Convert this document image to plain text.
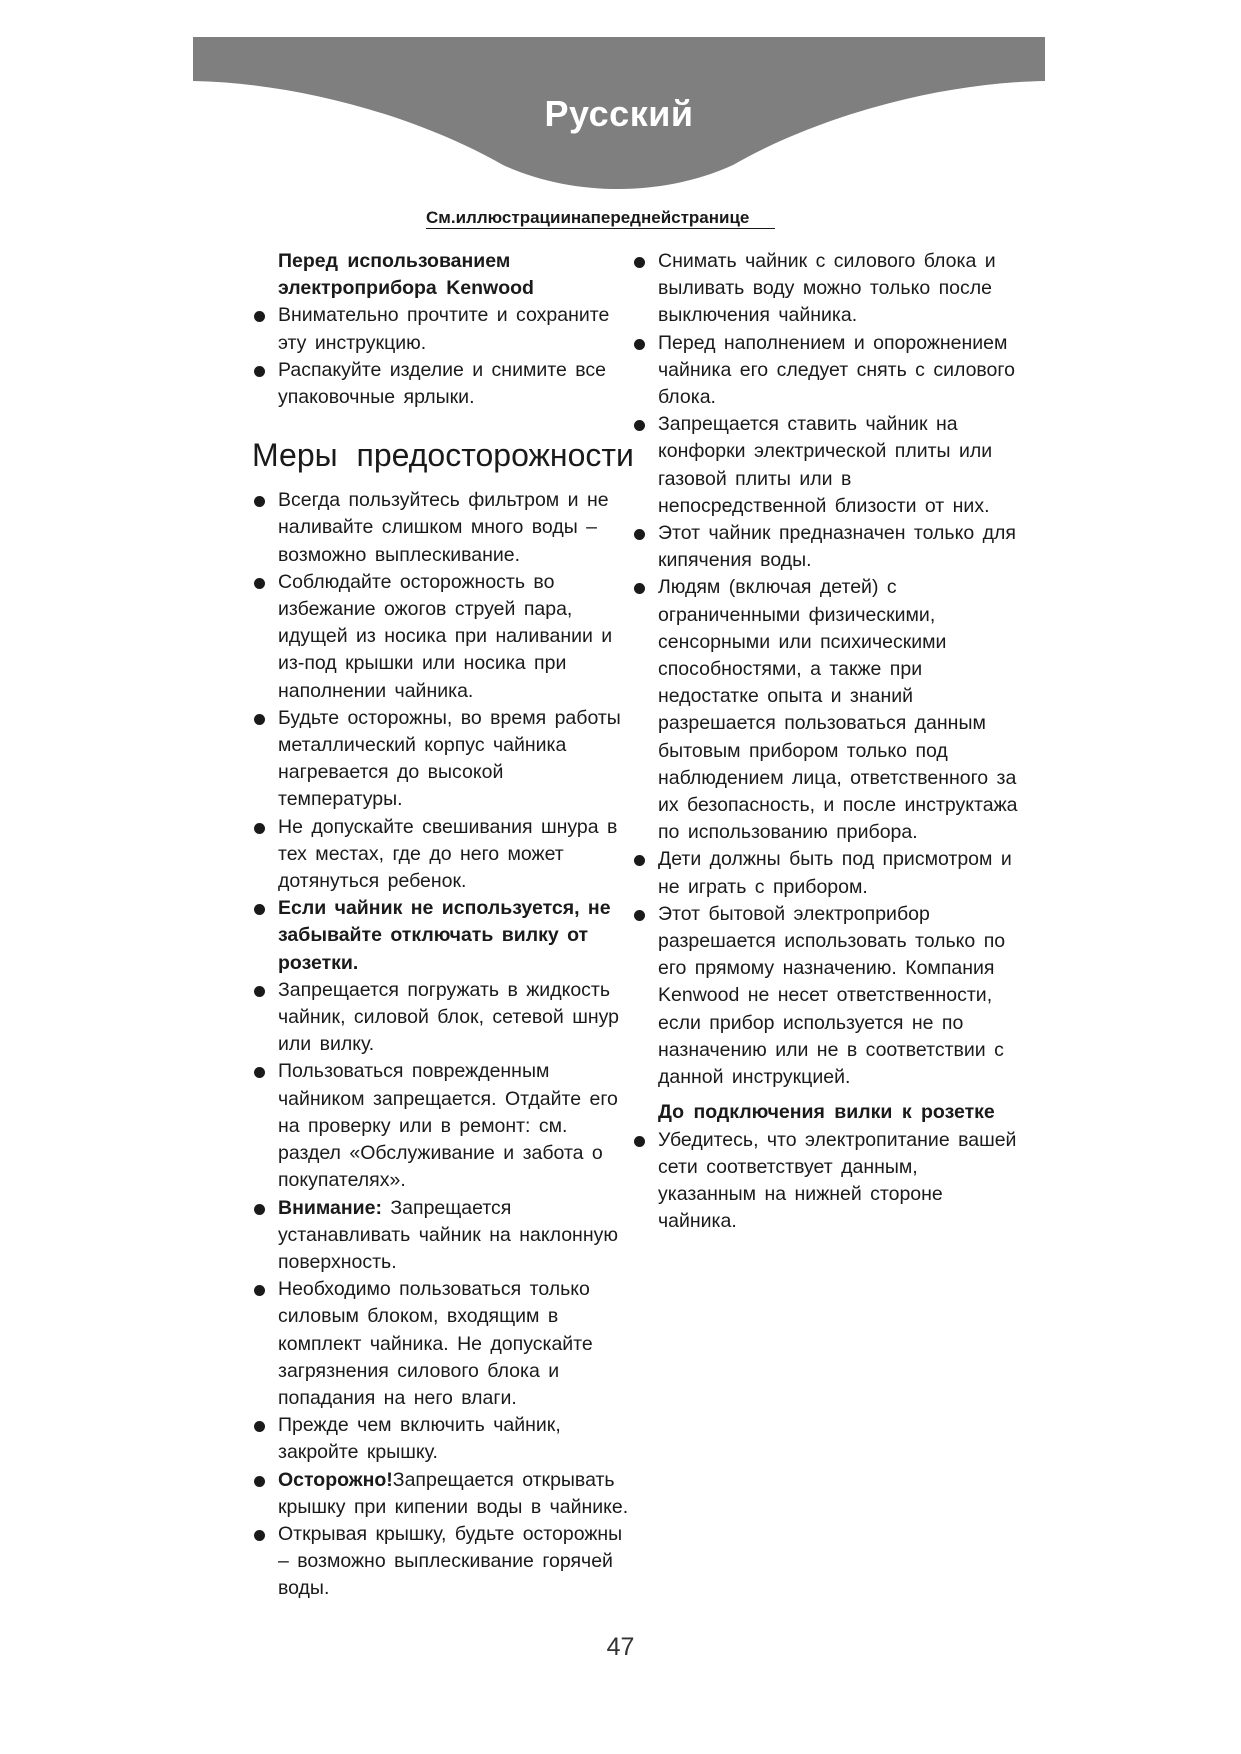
Русский
См.иллюстрациинапереднейстранице

Перед использованием электроприбора Kenwood

Внимательно прочтите и сохраните эту инструкцию.
Распакуйте изделие и снимите все упаковочные ярлыки.

Меры предосторожности

Всегда пользуйтесь фильтром и не наливайте слишком много воды – возможно выплескивание.
Соблюдайте осторожность во избежание ожогов струей пара, идущей из носика при наливании и из-под крышки или носика при наполнении чайника.
Будьте осторожны, во время работы металлический корпус чайника нагревается до высокой температуры.
Не допускайте свешивания шнура в тех местах, где до него может дотянуться ребенок.
Если чайник не используется, не забывайте отключать вилку от розетки.
Запрещается погружать в жидкость чайник, силовой блок, сетевой шнур или вилку.
Пользоваться поврежденным чайником запрещается. Отдайте его на проверку или в ремонт: см. раздел «Обслуживание и забота о покупателях».
Внимание: Запрещается устанавливать чайник на наклонную поверхность.
Необходимо пользоваться только силовым блоком, входящим в комплект чайника. Не допускайте загрязнения силового блока и попадания на него влаги.
Прежде чем включить чайник, закройте крышку.
Осторожно!Запрещается открывать крышку при кипении воды в чайнике.
Открывая крышку, будьте осторожны – возможно выплескивание горячей воды.
Снимать чайник с силового блока и выливать воду можно только после выключения чайника.
Перед наполнением и опорожнением чайника его следует снять с силового блока.
Запрещается ставить чайник на конфорки электрической плиты или газовой плиты или в непосредственной близости от них.
Этот чайник предназначен только для кипячения воды.
Людям (включая детей) с ограниченными физическими, сенсорными или психическими способностями, а также при недостатке опыта и знаний разрешается пользоваться данным бытовым прибором только под наблюдением лица, ответственного за их безопасность, и после инструктажа по использованию прибора.
Дети должны быть под присмотром и не играть с прибором.
Этот бытовой электроприбор разрешается использовать только по его прямому назначению. Компания Kenwood не несет ответственности, если прибор используется не по назначению или не в соответствии с данной инструкцией.

До подключения вилки к розетке

Убедитесь, что электропитание вашей сети соответствует данным, указанным на нижней стороне чайника.
47
